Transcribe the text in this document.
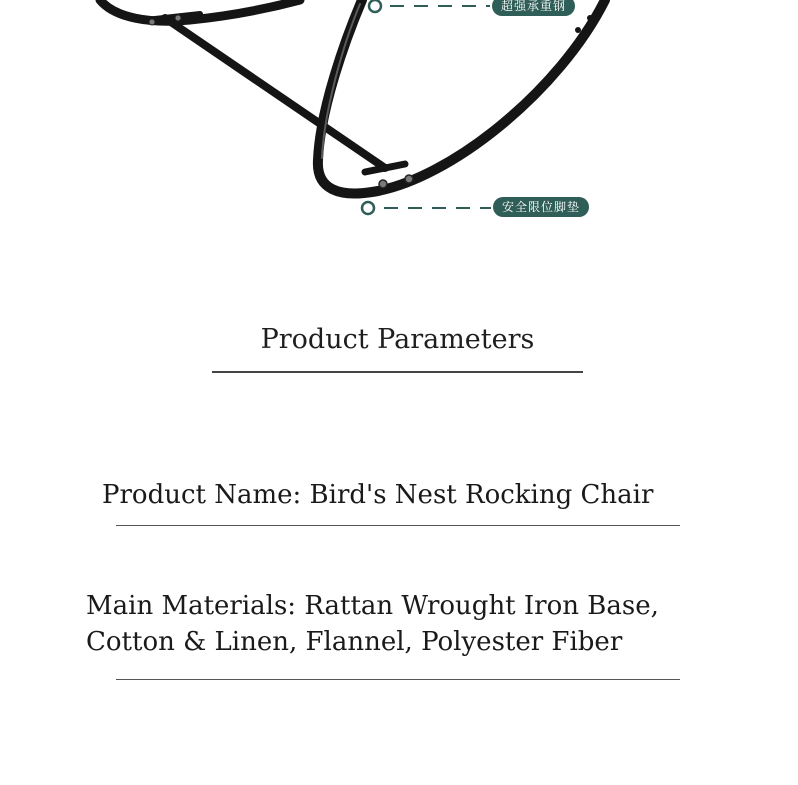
超强承重钢
安全限位脚垫
Product Parameters
Product Name: Bird's Nest Rocking Chair
Main Materials: Rattan Wrought Iron Base,
Cotton & Linen, Flannel, Polyester Fiber
